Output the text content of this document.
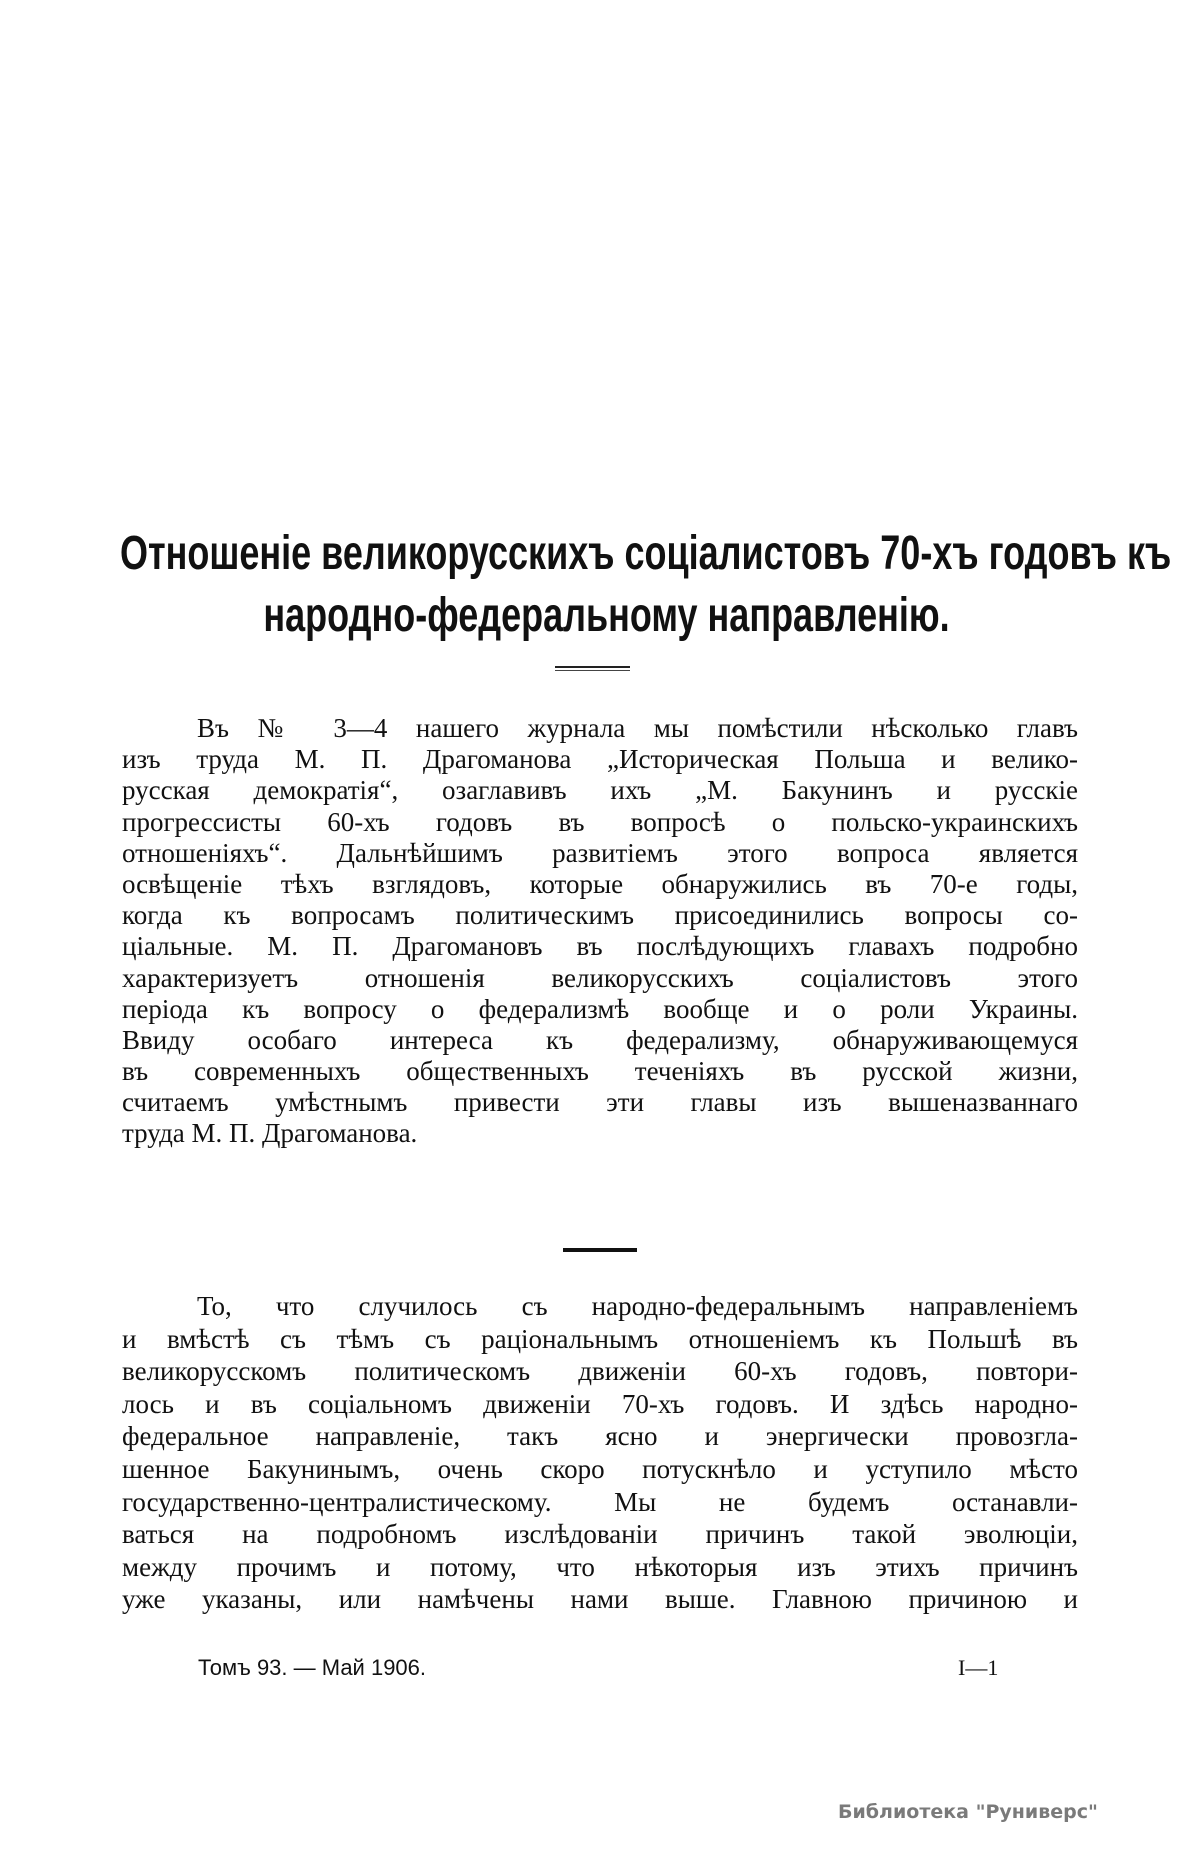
Отношеніе великорусскихъ соціалистовъ 70-хъ годовъ къ
народно-федеральному направленію.
Въ № 3—4 нашего журнала мы помѣстили нѣсколько главъ
изъ труда М. П. Драгоманова „Историческая Польша и велико-
русская демократія“, озаглавивъ ихъ „М. Бакунинъ и русскіе
прогрессисты 60-хъ годовъ въ вопросѣ о польско-украинскихъ
отношеніяхъ“. Дальнѣйшимъ развитіемъ этого вопроса является
освѣщеніе тѣхъ взглядовъ, которые обнаружились въ 70-е годы,
когда къ вопросамъ политическимъ присоединились вопросы со-
ціальные. М. П. Драгомановъ въ послѣдующихъ главахъ подробно
характеризуетъ отношенія великорусскихъ соціалистовъ этого
періода къ вопросу о федерализмѣ вообще и о роли Украины.
Ввиду особаго интереса къ федерализму, обнаруживающемуся
въ современныхъ общественныхъ теченіяхъ въ русской жизни,
считаемъ умѣстнымъ привести эти главы изъ вышеназваннаго
труда М. П. Драгоманова.
То, что случилось съ народно-федеральнымъ направленіемъ
и вмѣстѣ съ тѣмъ съ раціональнымъ отношеніемъ къ Польшѣ въ
великорусскомъ политическомъ движеніи 60-хъ годовъ, повтори-
лось и въ соціальномъ движеніи 70-хъ годовъ. И здѣсь народно-
федеральное направленіе, такъ ясно и энергически провозгла-
шенное Бакунинымъ, очень скоро потускнѣло и уступило мѣсто
государственно-централистическому. Мы не будемъ останавли-
ваться на подробномъ изслѣдованіи причинъ такой эволюціи,
между прочимъ и потому, что нѣкоторыя изъ этихъ причинъ
уже указаны, или намѣчены нами выше. Главною причиною и
Томъ 93. — Май 1906.	I—1
Библиотека "Руниверс"
